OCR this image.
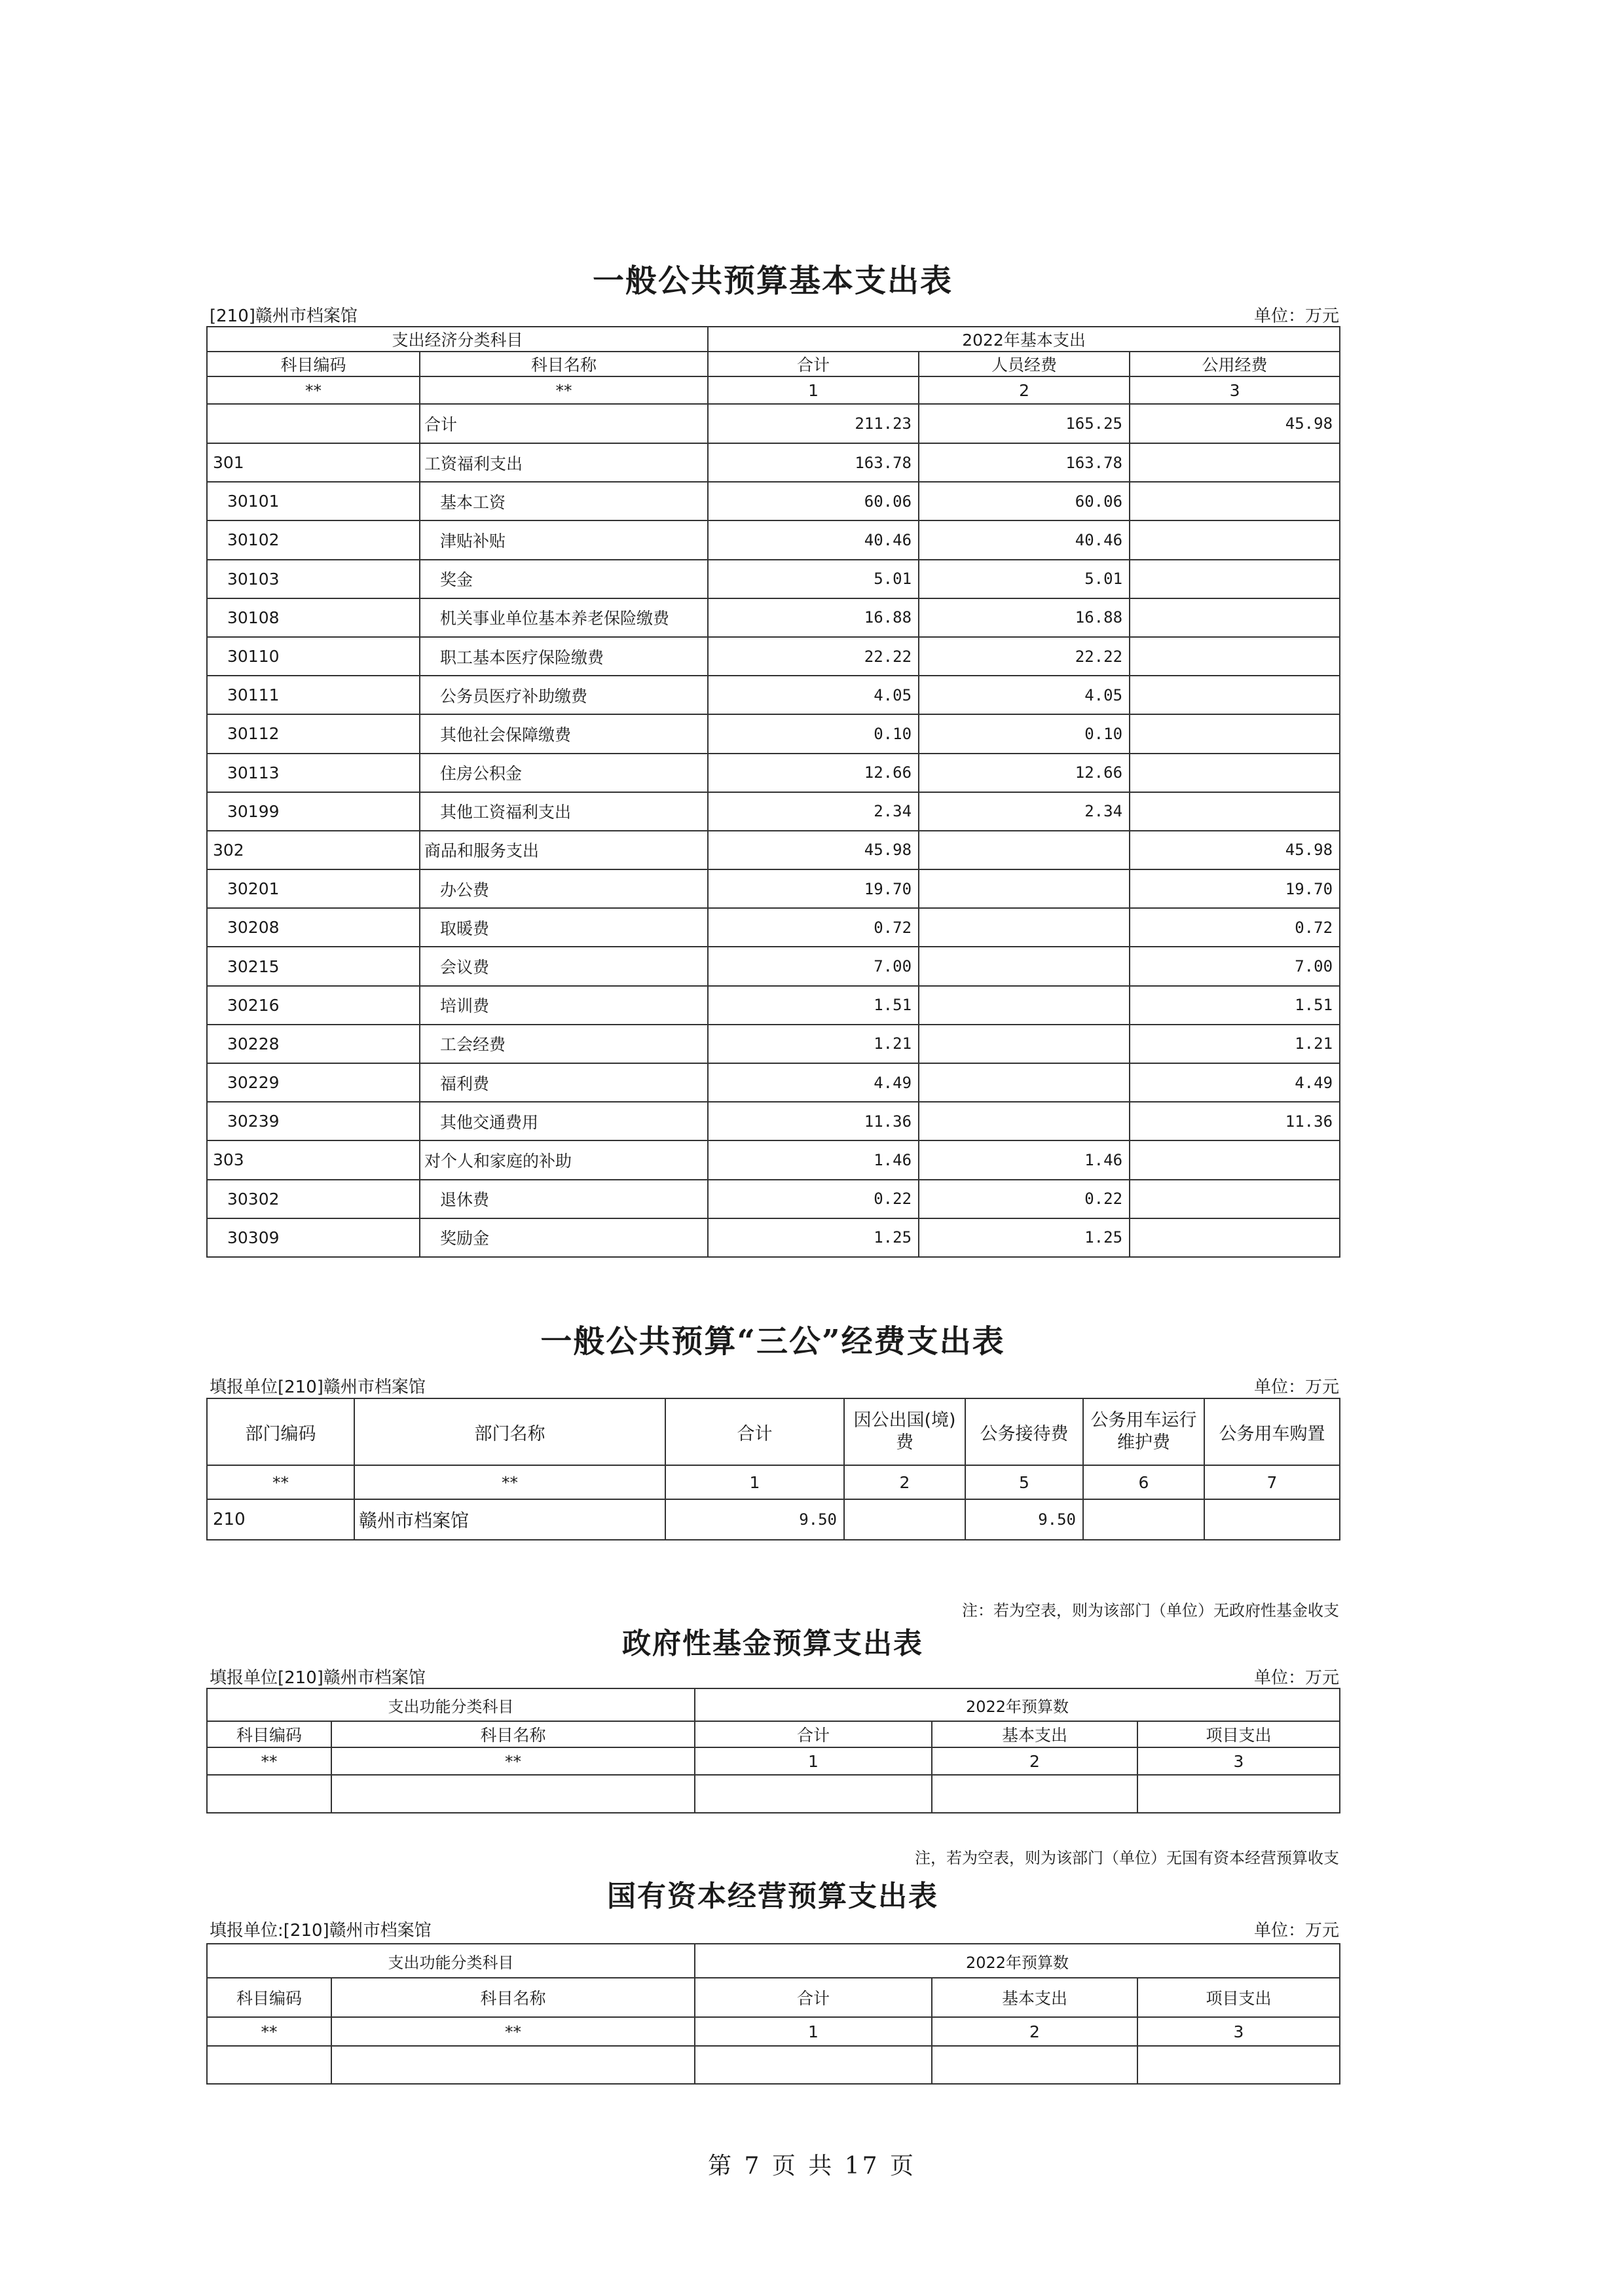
一般公共预算基本支出表
[210]赣州市档案馆	单位：万元
支出经济分类科目		2022年基本支出		
科目编码	科目名称	合计	人员经费	公用经费
**	**	1	2	3
	合计	211.23	165.25	45.98
301	工资福利支出	163.78	163.78	
30101	基本工资	60.06	60.06	
30102	津贴补贴	40.46	40.46	
30103	奖金	5.01	5.01	
30108	机关事业单位基本养老保险缴费	16.88	16.88	
30110	职工基本医疗保险缴费	22.22	22.22	
30111	公务员医疗补助缴费	4.05	4.05	
30112	其他社会保障缴费	0.10	0.10	
30113	住房公积金	12.66	12.66	
30199	其他工资福利支出	2.34	2.34	
302	商品和服务支出	45.98		45.98
30201	办公费	19.70		19.70
30208	取暖费	0.72		0.72
30215	会议费	7.00		7.00
30216	培训费	1.51		1.51
30228	工会经费	1.21		1.21
30229	福利费	4.49		4.49
30239	其他交通费用	11.36		11.36
303	对个人和家庭的补助	1.46	1.46	
30302	退休费	0.22	0.22	
30309	奖励金	1.25	1.25	
一般公共预算“三公”经费支出表
填报单位[210]赣州市档案馆	单位：万元
部门编码	部门名称	合计	因公出国(境)费	公务接待费	公务用车运行维护费	公务用车购置
**	**	1	2	5	6	7
210	赣州市档案馆	9.50		9.50		
注：若为空表，则为该部门（单位）无政府性基金收支
政府性基金预算支出表
填报单位[210]赣州市档案馆	单位：万元
支出功能分类科目		2022年预算数		
科目编码	科目名称	合计	基本支出	项目支出
**	**	1	2	3

注，若为空表，则为该部门（单位）无国有资本经营预算收支
国有资本经营预算支出表
填报单位:[210]赣州市档案馆	单位：万元
支出功能分类科目		2022年预算数		
科目编码	科目名称	合计	基本支出	项目支出
**	**	1	2	3

第 7 页 共 17 页
